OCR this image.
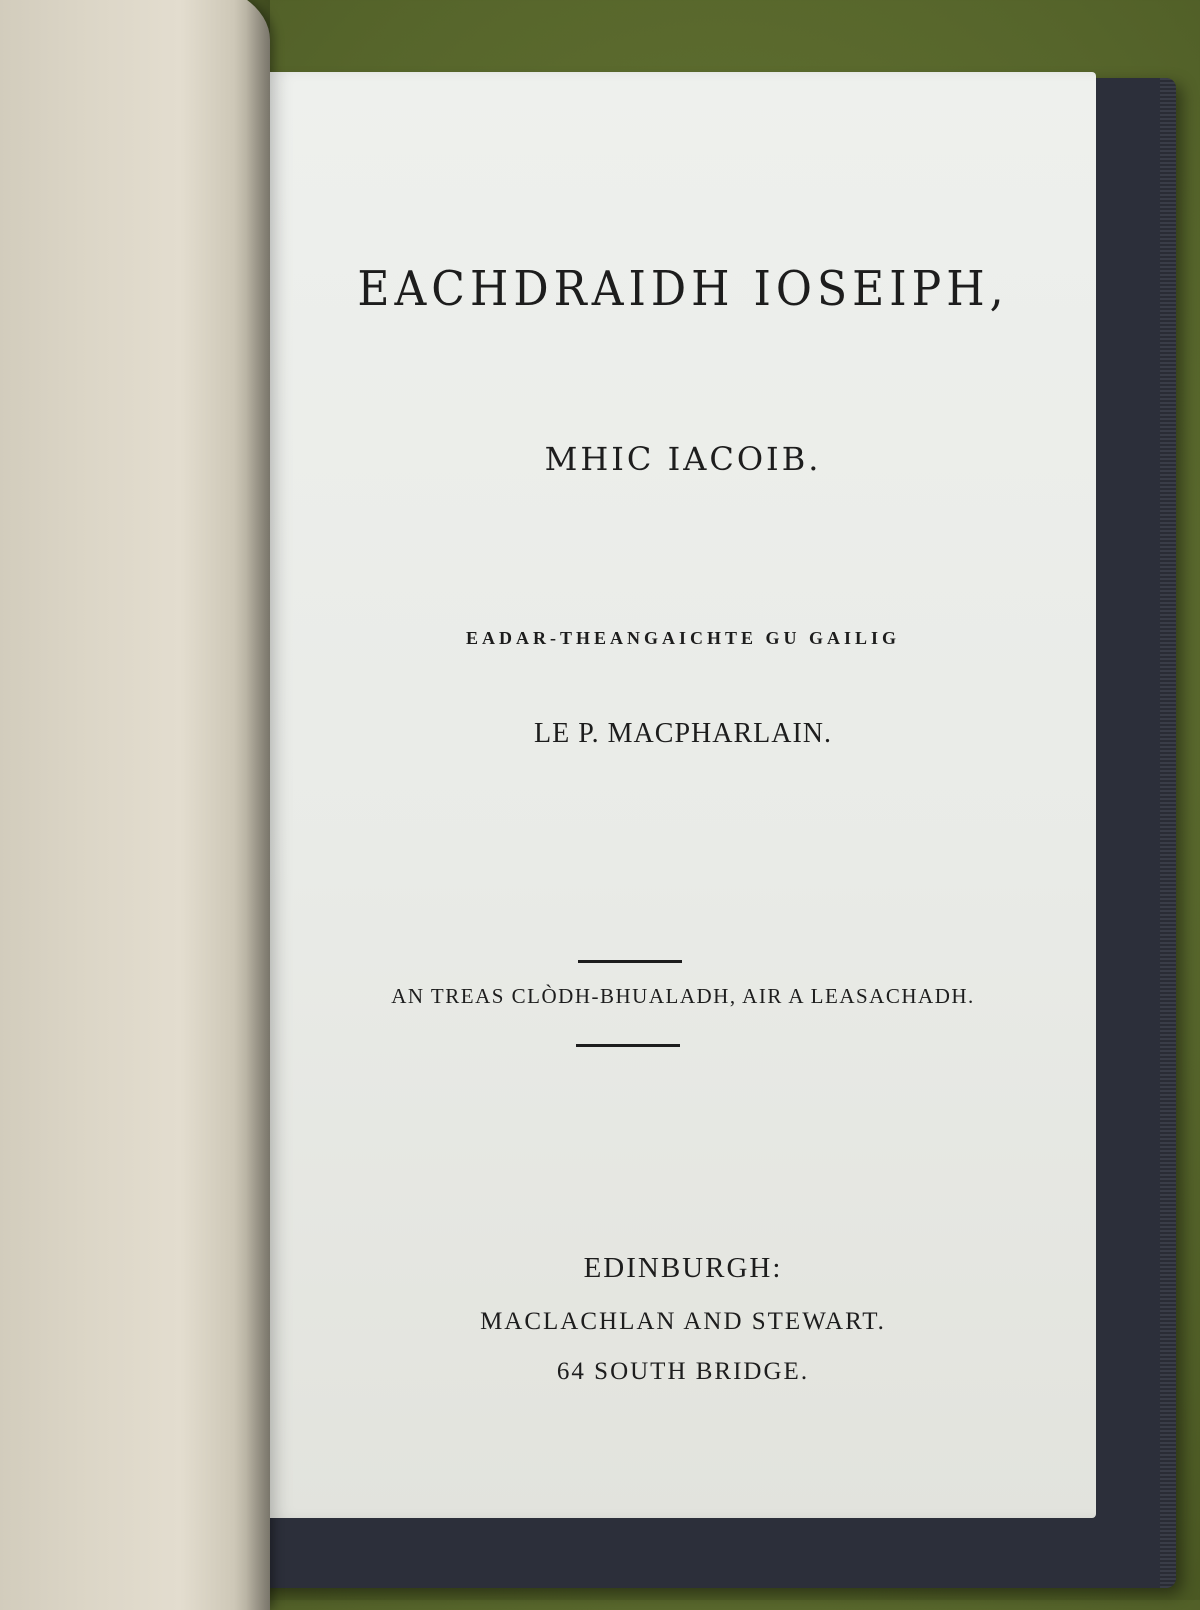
EACHDRAIDH IOSEIPH,

MHIC IACOIB.

EADAR-THEANGAICHTE GU GAILIG

LE P. MACPHARLAIN.

AN TREAS CLÒDH-BHUALADH, AIR A LEASACHADH.

EDINBURGH:

MACLACHLAN AND STEWART.

64 SOUTH BRIDGE.
